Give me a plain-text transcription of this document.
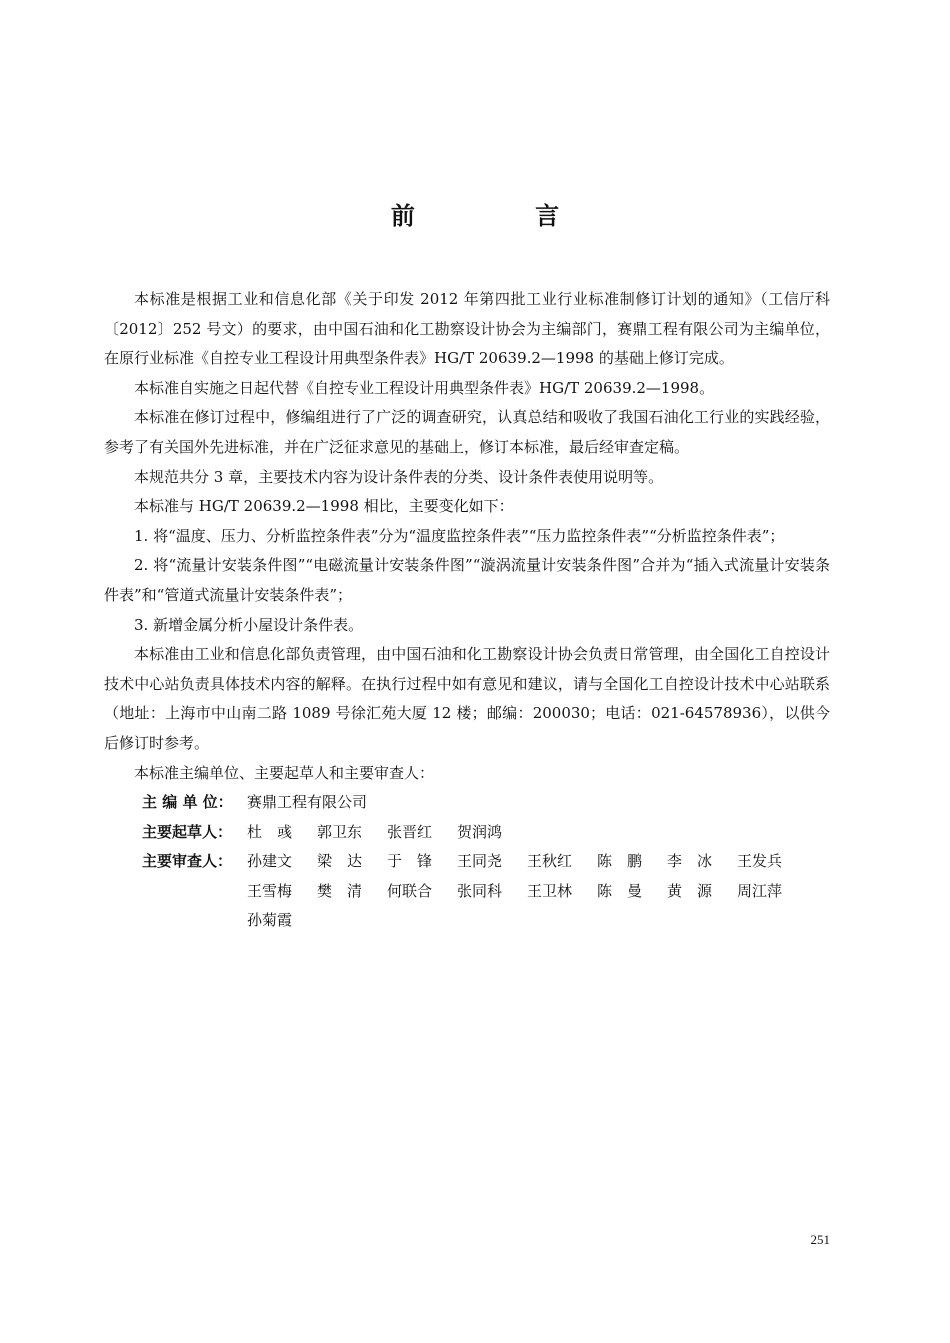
前 言

本标准是根据工业和信息化部《关于印发 2012 年第四批工业行业标准制修订计划的通知》（工信厅科〔2012〕252 号文）的要求，由中国石油和化工勘察设计协会为主编部门，赛鼎工程有限公司为主编单位，在原行业标准《自控专业工程设计用典型条件表》HG/T 20639.2—1998 的基础上修订完成。

本标准自实施之日起代替《自控专业工程设计用典型条件表》HG/T 20639.2—1998。

本标准在修订过程中，修编组进行了广泛的调查研究，认真总结和吸收了我国石油化工行业的实践经验，参考了有关国外先进标准，并在广泛征求意见的基础上，修订本标准，最后经审查定稿。

本规范共分 3 章，主要技术内容为设计条件表的分类、设计条件表使用说明等。

本标准与 HG/T 20639.2—1998 相比，主要变化如下：

1. 将“温度、压力、分析监控条件表”分为“温度监控条件表”“压力监控条件表”“分析监控条件表”；

2. 将“流量计安装条件图”“电磁流量计安装条件图”“漩涡流量计安装条件图”合并为“插入式流量计安装条件表”和“管道式流量计安装条件表”；

3. 新增金属分析小屋设计条件表。

本标准由工业和信息化部负责管理，由中国石油和化工勘察设计协会负责日常管理，由全国化工自控设计技术中心站负责具体技术内容的解释。在执行过程中如有意见和建议，请与全国化工自控设计技术中心站联系（地址：上海市中山南二路 1089 号徐汇苑大厦 12 楼；邮编：200030；电话：021-64578936），以供今后修订时参考。

本标准主编单位、主要起草人和主要审查人：

主 编 单 位： 赛鼎工程有限公司
主要起草人： 杜　彧	郭卫东	张晋红	贺润鸿
主要审查人： 孙建文	梁　达	于　锋	王同尧	王秋红	陈　鹏	李　冰	王发兵
王雪梅	樊　清	何联合	张同科	王卫林	陈　曼	黄　源	周江萍
孙菊霞
251
